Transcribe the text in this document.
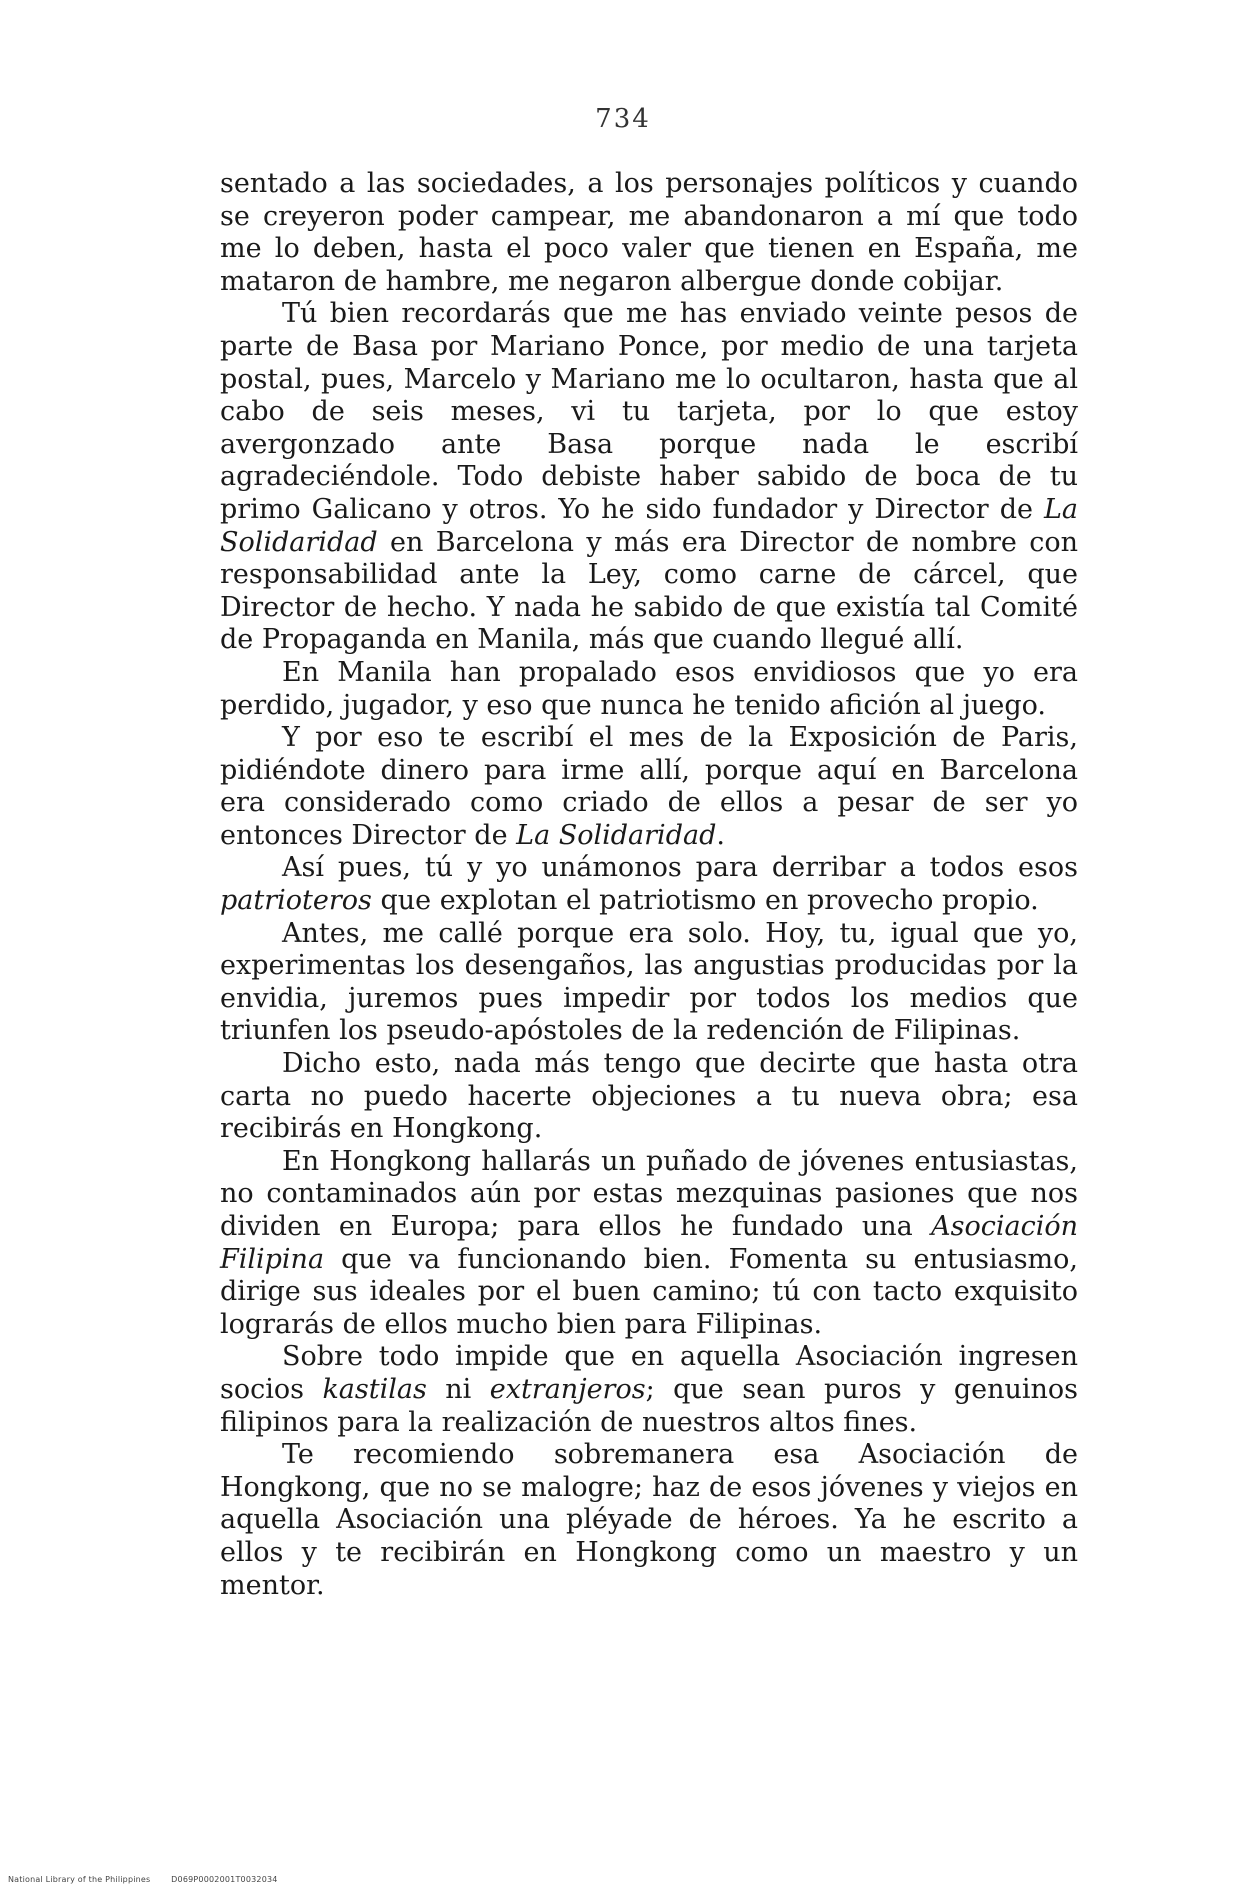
734

sentado a las sociedades, a los personajes políticos y cuando se creyeron poder campear, me abandonaron a mí que todo me lo deben, hasta el poco valer que tienen en España, me mataron de hambre, me negaron albergue donde cobijar.

Tú bien recordarás que me has enviado veinte pesos de parte de Basa por Mariano Ponce, por medio de una tarjeta postal, pues, Marcelo y Mariano me lo ocultaron, hasta que al cabo de seis meses, vi tu tarjeta, por lo que estoy avergonzado ante Basa porque nada le escribí agradeciéndole. Todo debiste haber sabido de boca de tu primo Galicano y otros. Yo he sido fundador y Director de La Solidaridad en Barcelona y más era Director de nombre con responsabilidad ante la Ley, como carne de cárcel, que Director de hecho. Y nada he sabido de que existía tal Comité de Propaganda en Manila, más que cuando llegué allí.

En Manila han propalado esos envidiosos que yo era perdido, jugador, y eso que nunca he tenido afición al juego.

Y por eso te escribí el mes de la Exposición de Paris, pidiéndote dinero para irme allí, porque aquí en Barcelona era considerado como criado de ellos a pesar de ser yo entonces Director de La Solidaridad.

Así pues, tú y yo unámonos para derribar a todos esos patrioteros que explotan el patriotismo en provecho propio.

Antes, me callé porque era solo. Hoy, tu, igual que yo, experimentas los desengaños, las angustias producidas por la envidia, juremos pues impedir por todos los medios que triunfen los pseudo-apóstoles de la redención de Filipinas.

Dicho esto, nada más tengo que decirte que hasta otra carta no puedo hacerte objeciones a tu nueva obra; esa recibirás en Hongkong.

En Hongkong hallarás un puñado de jóvenes entusiastas, no contaminados aún por estas mezquinas pasiones que nos dividen en Europa; para ellos he fundado una Asociación Filipina que va funcionando bien. Fomenta su entusiasmo, dirige sus ideales por el buen camino; tú con tacto exquisito lograrás de ellos mucho bien para Filipinas.

Sobre todo impide que en aquella Asociación ingresen socios kastilas ni extranjeros; que sean puros y genuinos filipinos para la realización de nuestros altos fines.

Te recomiendo sobremanera esa Asociación de Hongkong, que no se malogre; haz de esos jóvenes y viejos en aquella Asociación una pléyade de héroes. Ya he escrito a ellos y te recibirán en Hongkong como un maestro y un mentor.

National Library of the Philippines	D069P0002001T0032034
